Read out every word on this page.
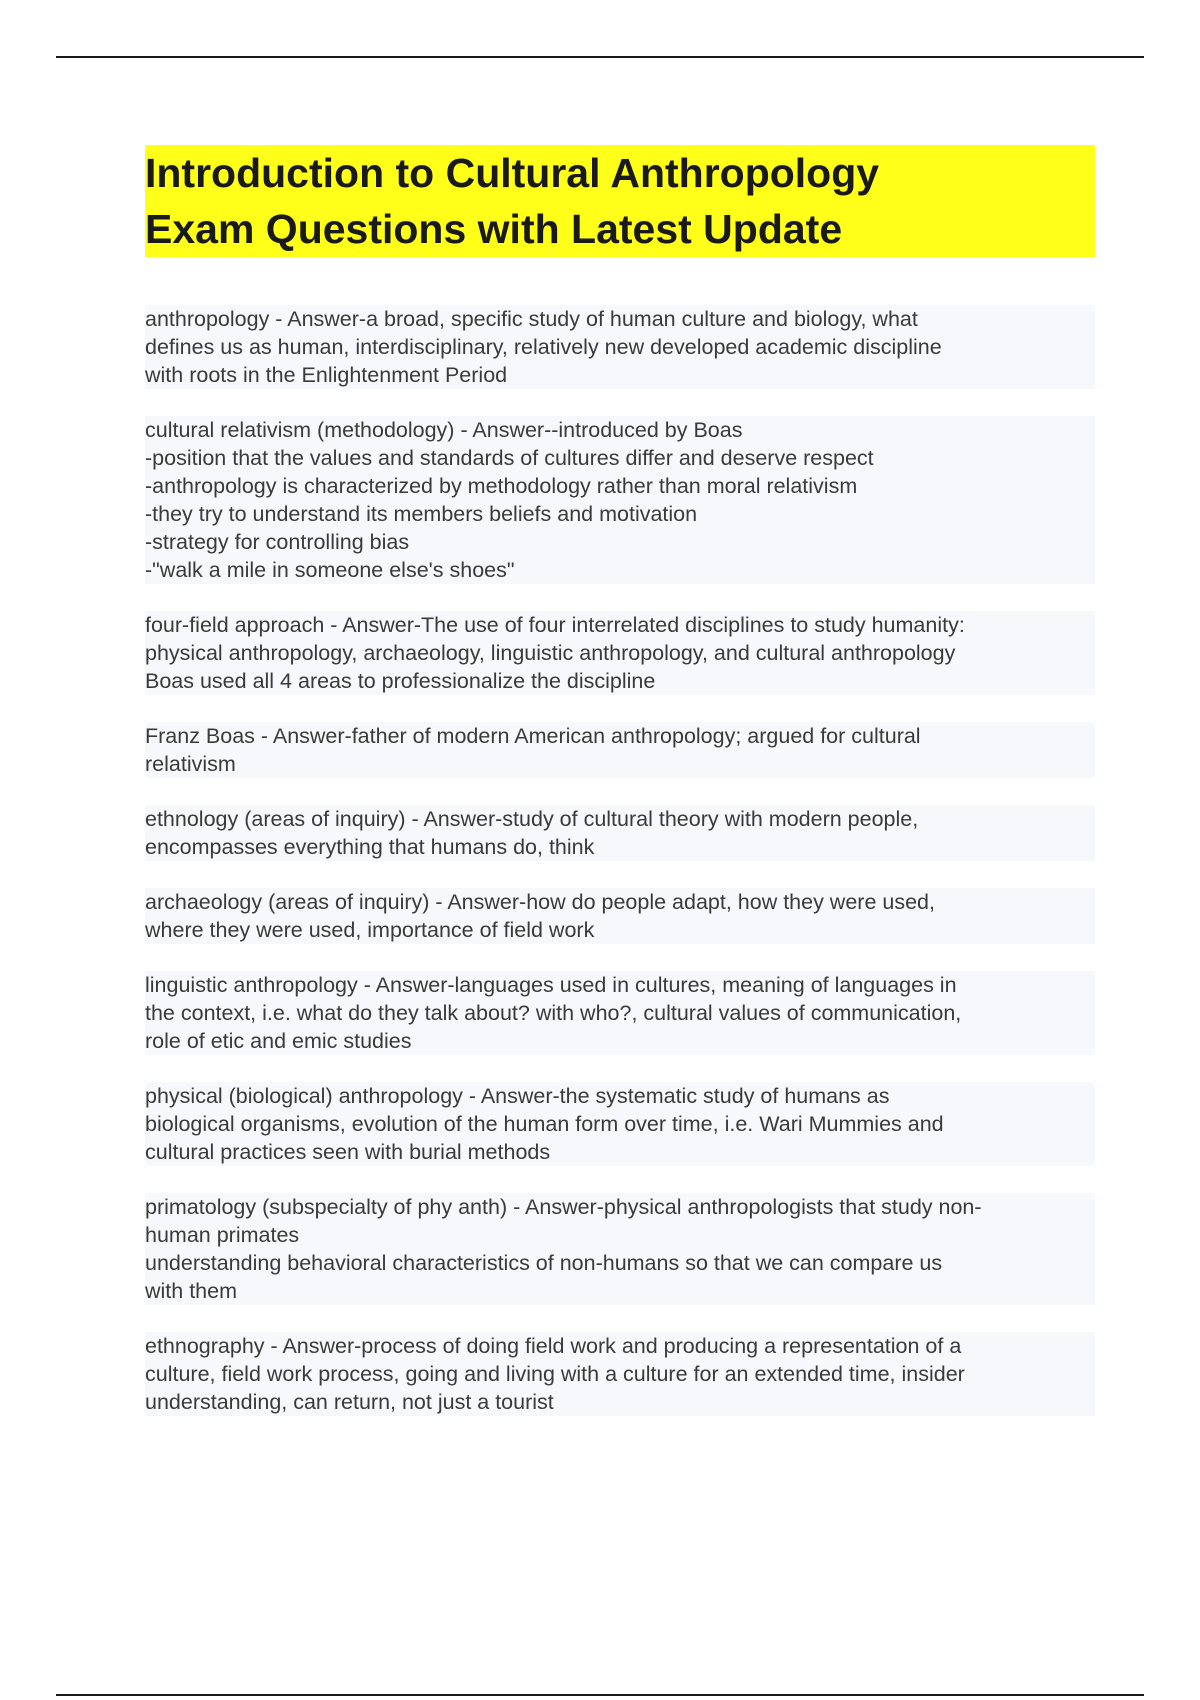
Introduction to Cultural Anthropology
Exam Questions with Latest Update

anthropology - Answer-a broad, specific study of human culture and biology, what
defines us as human, interdisciplinary, relatively new developed academic discipline
with roots in the Enlightenment Period

cultural relativism (methodology) - Answer--introduced by Boas
-position that the values and standards of cultures differ and deserve respect
-anthropology is characterized by methodology rather than moral relativism
-they try to understand its members beliefs and motivation
-strategy for controlling bias
-"walk a mile in someone else's shoes"

four-field approach - Answer-The use of four interrelated disciplines to study humanity:
physical anthropology, archaeology, linguistic anthropology, and cultural anthropology
Boas used all 4 areas to professionalize the discipline

Franz Boas - Answer-father of modern American anthropology; argued for cultural
relativism

ethnology (areas of inquiry) - Answer-study of cultural theory with modern people,
encompasses everything that humans do, think

archaeology (areas of inquiry) - Answer-how do people adapt, how they were used,
where they were used, importance of field work

linguistic anthropology - Answer-languages used in cultures, meaning of languages in
the context, i.e. what do they talk about? with who?, cultural values of communication,
role of etic and emic studies

physical (biological) anthropology - Answer-the systematic study of humans as
biological organisms, evolution of the human form over time, i.e. Wari Mummies and
cultural practices seen with burial methods

primatology (subspecialty of phy anth) - Answer-physical anthropologists that study non-
human primates
understanding behavioral characteristics of non-humans so that we can compare us
with them

ethnography - Answer-process of doing field work and producing a representation of a
culture, field work process, going and living with a culture for an extended time, insider
understanding, can return, not just a tourist
